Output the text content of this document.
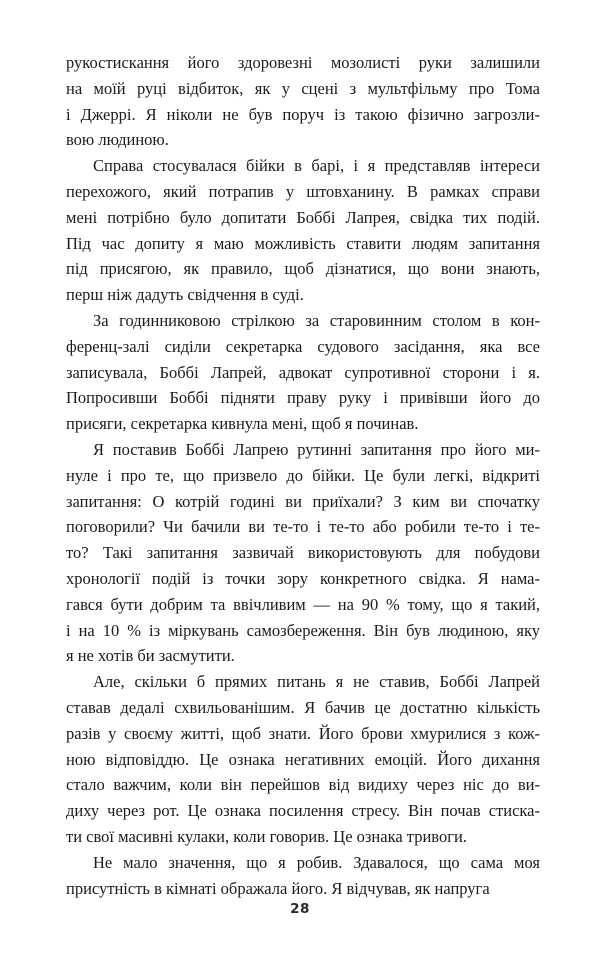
рукостискання його здоровезні мозолисті руки залишили
на моїй руці відбиток, як у сцені з мультфільму про Тома
і Джеррі. Я ніколи не був поруч із такою фізично загрозли-
вою людиною.

Справа стосувалася бійки в барі, і я представляв інтереси
перехожого, який потрапив у штовханину. В рамках справи
мені потрібно було допитати Боббі Лапрея, свідка тих подій.
Під час допиту я маю можливість ставити людям запитання
під присягою, як правило, щоб дізнатися, що вони знають,
перш ніж дадуть свідчення в суді.

За годинниковою стрілкою за старовинним столом в кон-
ференц-залі сиділи секретарка судового засідання, яка все
записувала, Боббі Лапрей, адвокат супротивної сторони і я.
Попросивши Боббі підняти праву руку і привівши його до
присяги, секретарка кивнула мені, щоб я починав.

Я поставив Боббі Лапрею рутинні запитання про його ми-
нуле і про те, що призвело до бійки. Це були легкі, відкриті
запитання: О котрій годині ви приїхали? З ким ви спочатку
поговорили? Чи бачили ви те-то і те-то або робили те-то і те-
то? Такі запитання зазвичай використовують для побудови
хронології подій із точки зору конкретного свідка. Я нама-
гався бути добрим та ввічливим — на 90 % тому, що я такий,
і на 10 % із міркувань самозбереження. Він був людиною, яку
я не хотів би засмутити.

Але, скільки б прямих питань я не ставив, Боббі Лапрей
ставав дедалі схвильованішим. Я бачив це достатню кількість
разів у своєму житті, щоб знати. Його брови хмурилися з кож-
ною відповіддю. Це ознака негативних емоцій. Його дихання
стало важчим, коли він перейшов від видиху через ніс до ви-
диху через рот. Це ознака посилення стресу. Він почав стиска-
ти свої масивні кулаки, коли говорив. Це ознака тривоги.

Не мало значення, що я робив. Здавалося, що сама моя
присутність в кімнаті ображала його. Я відчував, як напруга

28
